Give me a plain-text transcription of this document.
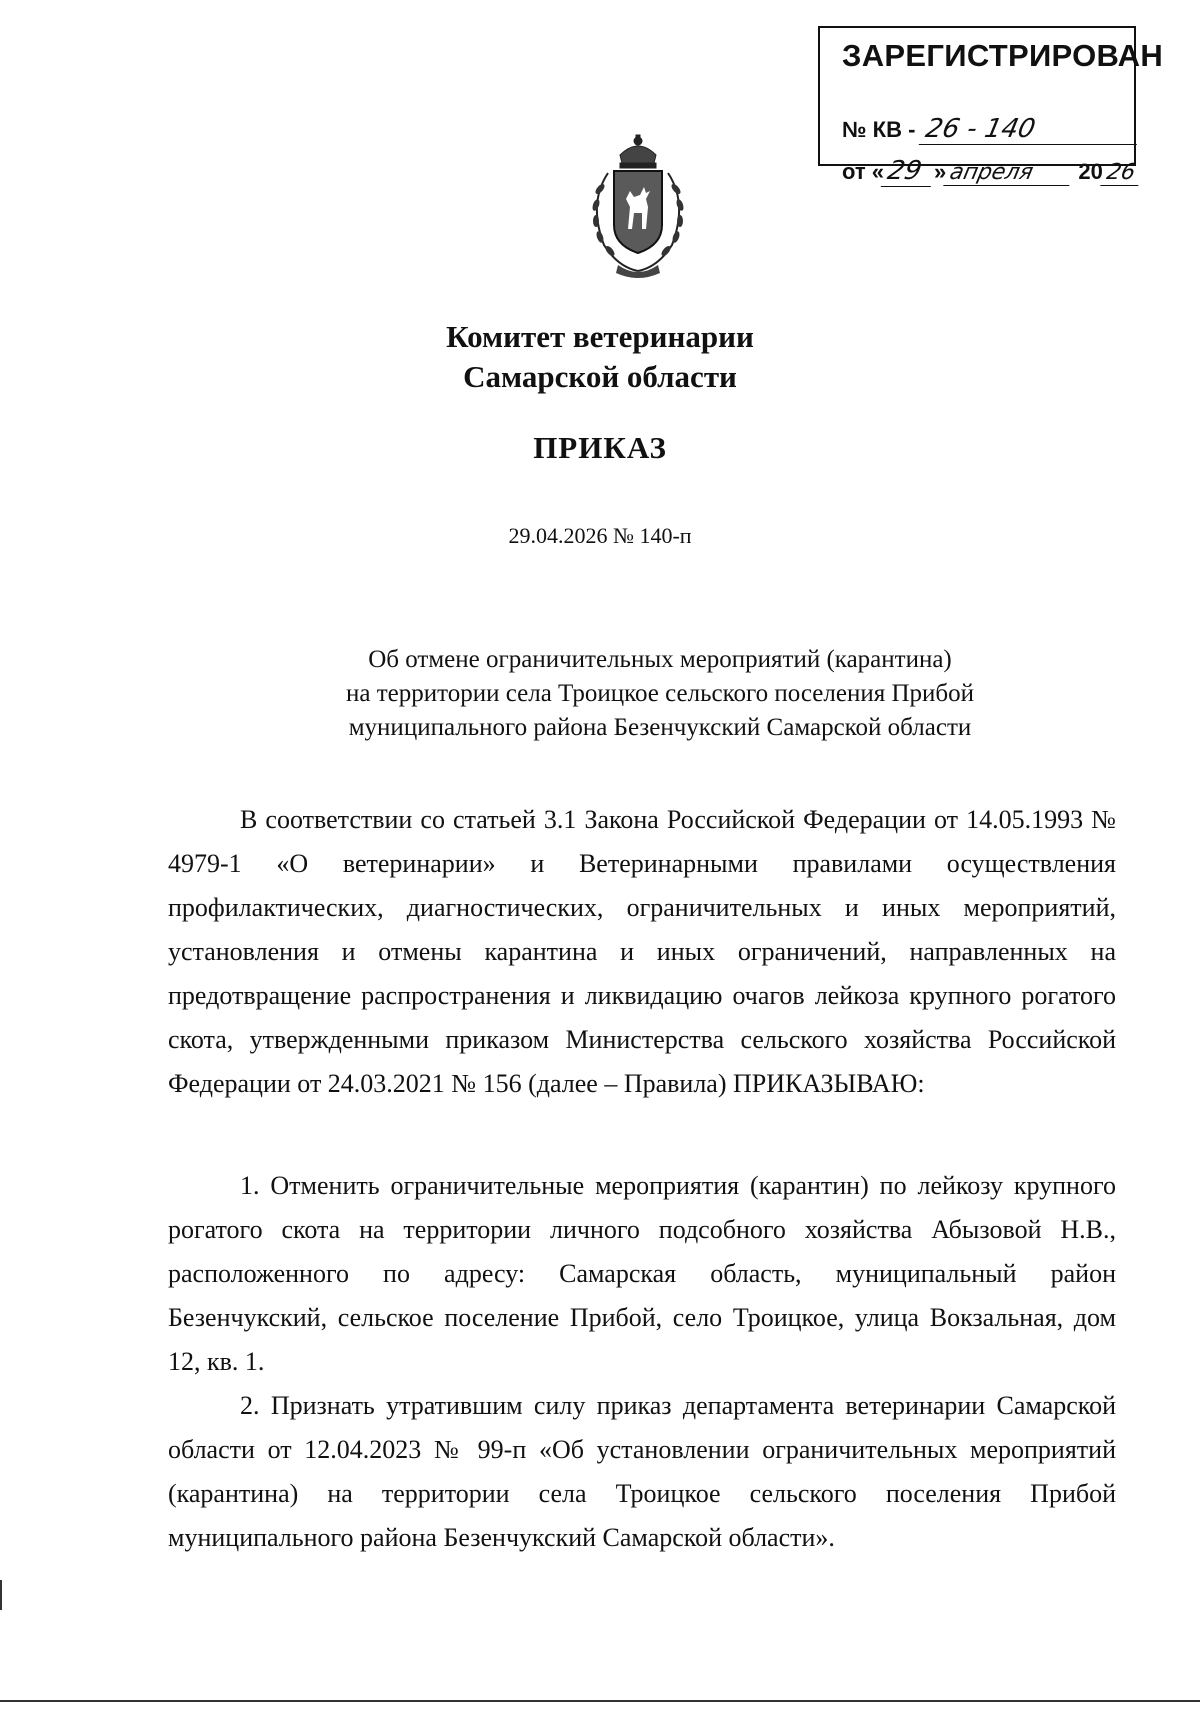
ЗАРЕГИСТРИРОВАН
№ КВ - 26 - 140
от «29 »апреля 2026
Комитет ветеринарии
Самарской области
ПРИКАЗ
29.04.2026 № 140-п
Об отмене ограничительных мероприятий (карантина)
на территории села Троицкое сельского поселения Прибой
муниципального района Безенчукский Самарской области

В соответствии со статьей 3.1 Закона Российской Федерации от 14.05.1993 № 4979-1 «О ветеринарии» и Ветеринарными правилами осуществления профилактических, диагностических, ограничительных и иных мероприятий, установления и отмены карантина и иных ограничений, направленных на предотвращение распространения и ликвидацию очагов лейкоза крупного рогатого скота, утвержденными приказом Министерства сельского хозяйства Российской Федерации от 24.03.2021 № 156 (далее – Правила) ПРИКАЗЫВАЮ:

1. Отменить ограничительные мероприятия (карантин) по лейкозу крупного рогатого скота на территории личного подсобного хозяйства Абызовой Н.В., расположенного по адресу: Самарская область, муниципальный район Безенчукский, сельское поселение Прибой, село Троицкое, улица Вокзальная, дом 12, кв. 1.

2. Признать утратившим силу приказ департамента ветеринарии Самарской области от 12.04.2023 № 99-п «Об установлении ограничительных мероприятий (карантина) на территории села Троицкое сельского поселения Прибой муниципального района Безенчукский Самарской области».
